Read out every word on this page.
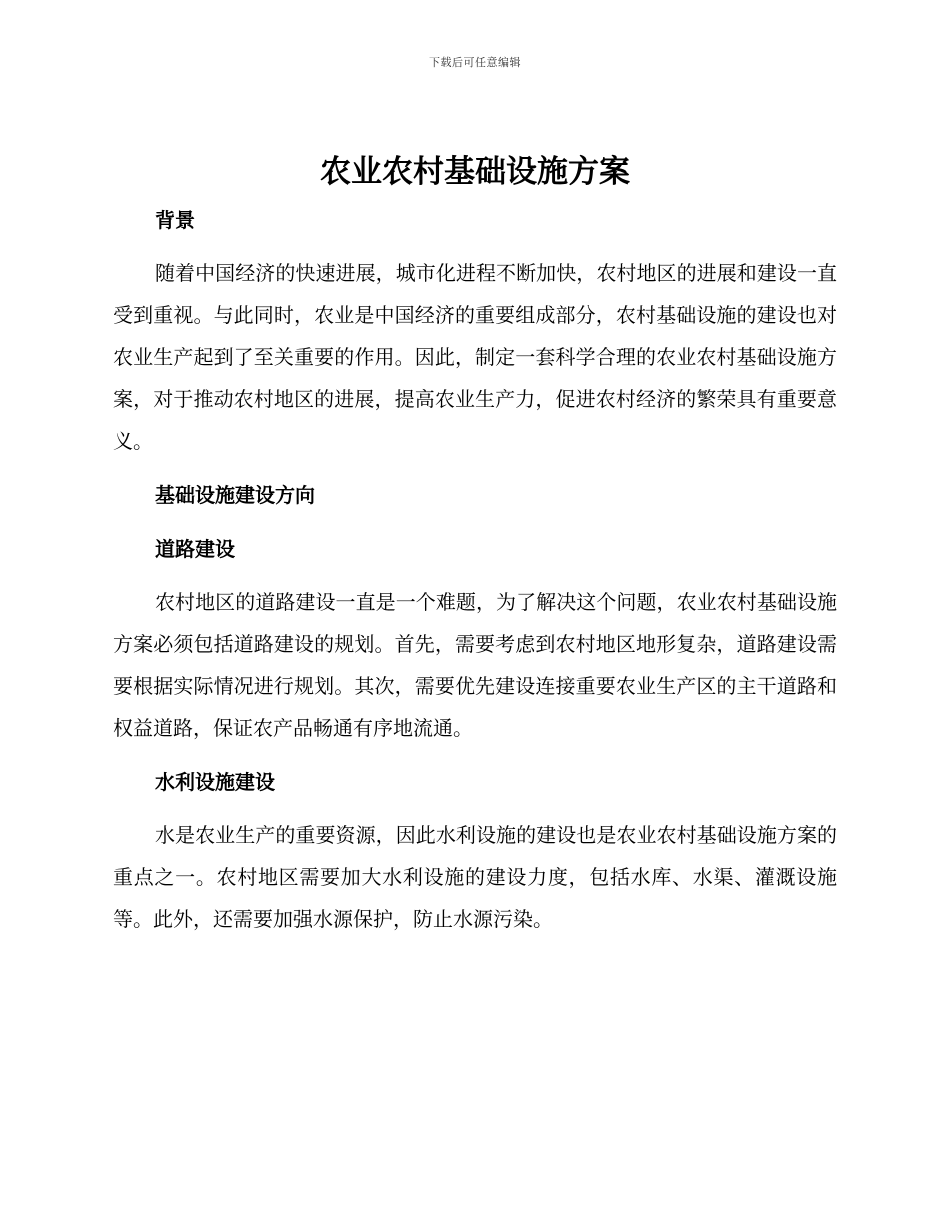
下载后可任意编辑
农业农村基础设施方案
背景

随着中国经济的快速进展，城市化进程不断加快，农村地区的进展和建设一直受到重视。与此同时，农业是中国经济的重要组成部分，农村基础设施的建设也对农业生产起到了至关重要的作用。因此，制定一套科学合理的农业农村基础设施方案，对于推动农村地区的进展，提高农业生产力，促进农村经济的繁荣具有重要意义。

基础设施建设方向
道路建设

农村地区的道路建设一直是一个难题，为了解决这个问题，农业农村基础设施方案必须包括道路建设的规划。首先，需要考虑到农村地区地形复杂，道路建设需要根据实际情况进行规划。其次，需要优先建设连接重要农业生产区的主干道路和权益道路，保证农产品畅通有序地流通。

水利设施建设

水是农业生产的重要资源，因此水利设施的建设也是农业农村基础设施方案的重点之一。农村地区需要加大水利设施的建设力度，包括水库、水渠、灌溉设施等。此外，还需要加强水源保护，防止水源污染。
